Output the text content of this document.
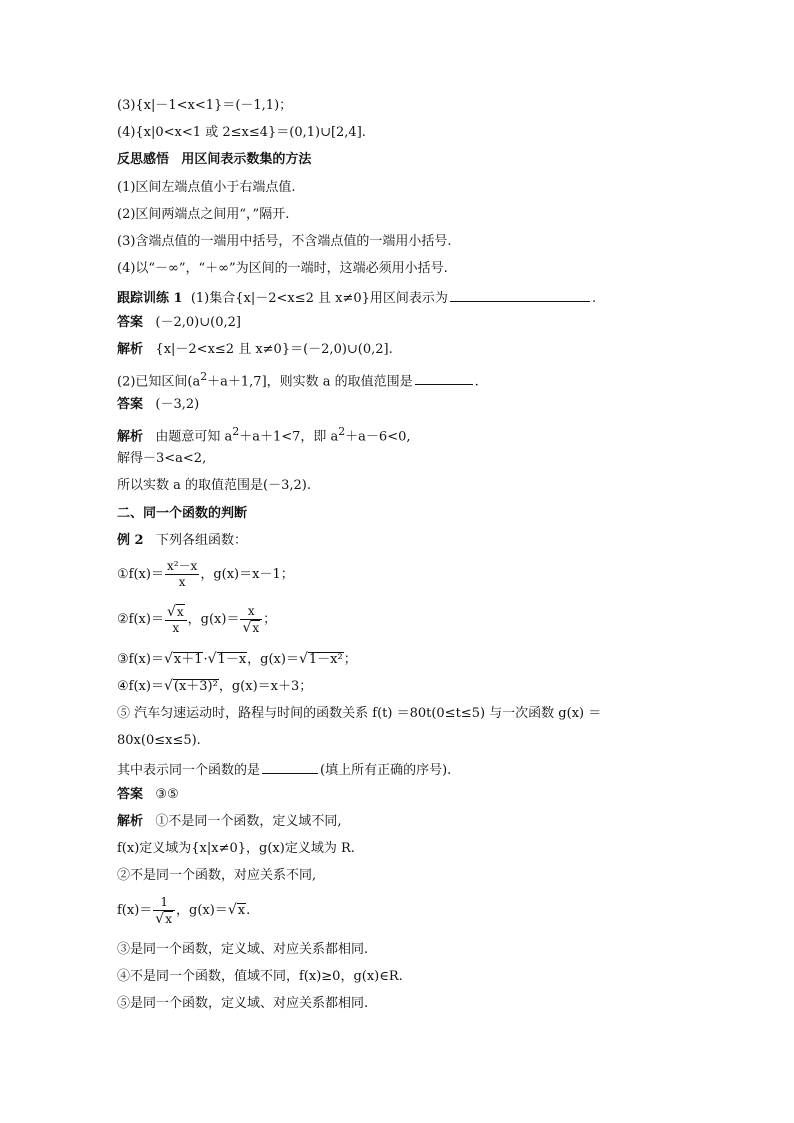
(3){x|－1<x<1}＝(－1,1)；
(4){x|0<x<1 或 2≤x≤4}＝(0,1)∪[2,4].
反思感悟 用区间表示数集的方法
(1)区间左端点值小于右端点值.
(2)区间两端点之间用“，”隔开.
(3)含端点值的一端用中括号，不含端点值的一端用小括号.
(4)以“－∞”，“＋∞”为区间的一端时，这端必须用小括号.
跟踪训练 1 (1)集合{x|－2<x≤2 且 x≠0}用区间表示为	.
答案 (－2,0)∪(0,2]
解析 {x|－2<x≤2 且 x≠0}＝(－2,0)∪(0,2].
(2)已知区间$(a^2+a+1,7]$，则实数 a 的取值范围是	.
答案 (－3,2)
解析 由题意可知 $a^2+a+1<7$，即 $a^2+a-6<0$,
解得－3<a<2,
所以实数 a 的取值范围是(－3,2).
二、同一个函数的判断
例 2 下列各组函数：
①f(x)＝ $\frac{\text{x²－x}}{x}$ ，g(x)＝x－1；
②f(x)＝ $\frac{√x}{x}$ ，$g(x)= \frac{x}{√x}$ ；
③f(x)＝√x＋1·√1－x，g(x)＝√1－x²；
④f(x)＝√(x＋3)²，g(x)＝x＋3；
⑤ 汽车匀速运动时，路程与时间的函数关系 f(t) ＝80t(0≤t≤5) 与一次函数 g(x) ＝
80x(0≤x≤5).
其中表示同一个函数的是	(填上所有正确的序号).
答案 ③⑤
解析 ①不是同一个函数，定义域不同,
f(x)定义域为{x|x≠0}，g(x)定义域为 R.
②不是同一个函数，对应关系不同,
$f(x)= \frac{1}{√x}$ ，g(x)＝√x.
③是同一个函数，定义域、对应关系都相同.
④不是同一个函数，值域不同，f(x)≥0，g(x)∈R.
⑤是同一个函数，定义域、对应关系都相同.
